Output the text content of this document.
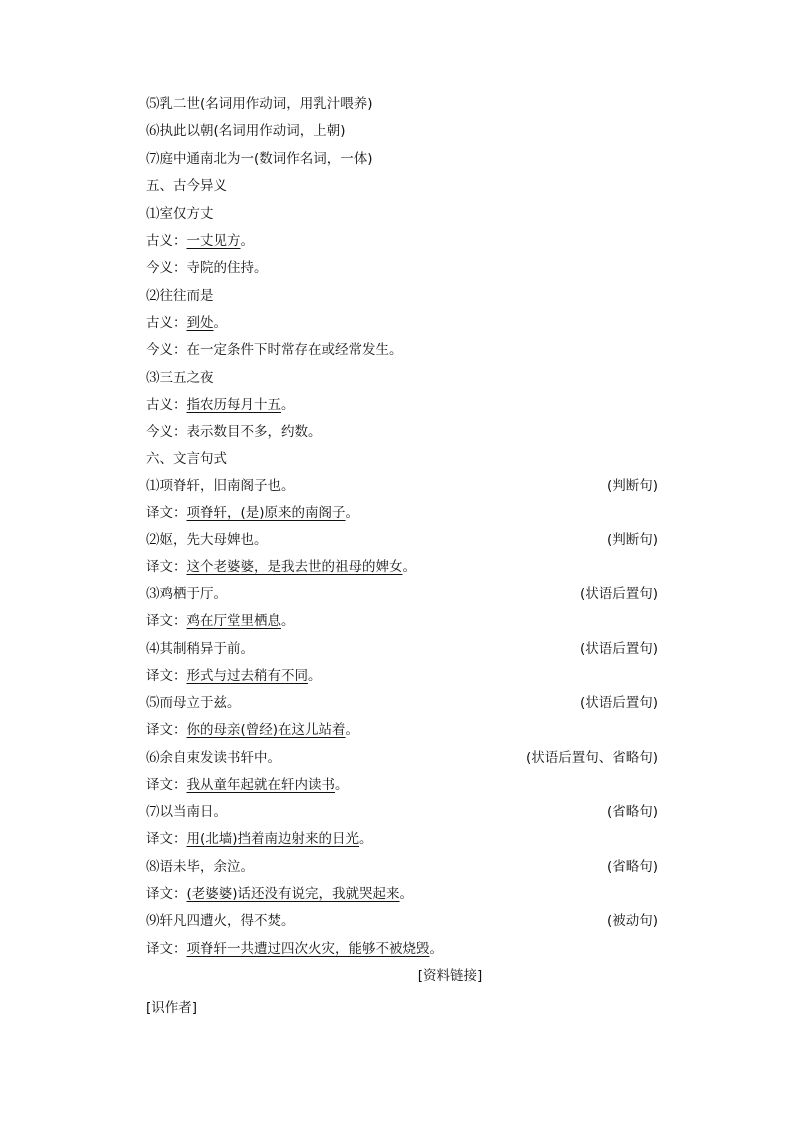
⑸乳二世(名词用作动词，用乳汁喂养)
⑹执此以朝(名词用作动词，上朝)
⑺庭中通南北为一(数词作名词，一体)
五、古今异义
⑴室仅方丈
古义：一丈见方。
今义：寺院的住持。
⑵往往而是
古义：到处。
今义：在一定条件下时常存在或经常发生。
⑶三五之夜
古义：指农历每月十五。
今义：表示数目不多，约数。
六、文言句式
⑴项脊轩，旧南阁子也。	(判断句)
译文：项脊轩，(是)原来的南阁子。
⑵妪，先大母婢也。	(判断句)
译文：这个老婆婆，是我去世的祖母的婢女。
⑶鸡栖于厅。	(状语后置句)
译文：鸡在厅堂里栖息。
⑷其制稍异于前。	(状语后置句)
译文：形式与过去稍有不同。
⑸而母立于兹。	(状语后置句)
译文：你的母亲(曾经)在这儿站着。
⑹余自束发读书轩中。	(状语后置句、省略句)
译文：我从童年起就在轩内读书。
⑺以当南日。	(省略句)
译文：用(北墙)挡着南边射来的日光。
⑻语未毕，余泣。	(省略句)
译文：(老婆婆)话还没有说完，我就哭起来。
⑼轩凡四遭火，得不焚。	(被动句)
译文：项脊轩一共遭过四次火灾，能够不被烧毁。
[资料链接]
[识作者]
